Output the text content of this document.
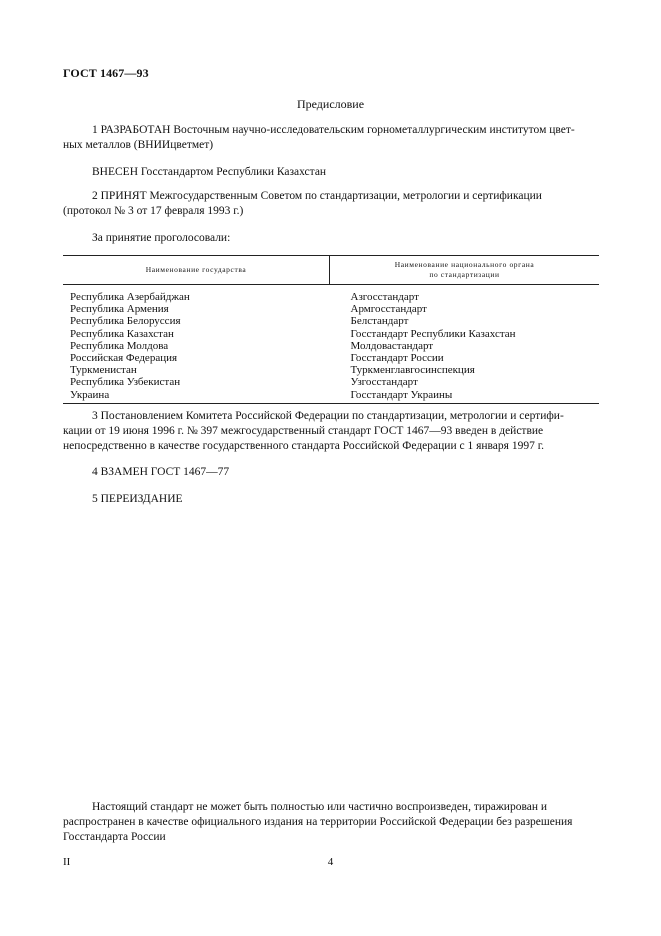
ГОСТ 1467—93
Предисловие
1 РАЗРАБОТАН Восточным научно-исследовательским горнометаллургическим институтом цвет-
ных металлов (ВНИИцветмет)
ВНЕСЕН Госстандартом Республики Казахстан
2 ПРИНЯТ Межгосударственным Советом по стандартизации, метрологии и сертификации
(протокол № 3 от 17 февраля 1993 г.)
За принятие проголосовали:
Наименование государства	Наименование национального органа
по стандартизации
Республика Азербайджан	Азгосстандарт
Республика Армения	Армгосстандарт
Республика Белоруссия	Белстандарт
Республика Казахстан	Госстандарт Республики Казахстан
Республика Молдова	Молдовастандарт
Российская Федерация	Госстандарт России
Туркменистан	Туркменглавгосинспекция
Республика Узбекистан	Узгосстандарт
Украина	Госстандарт Украины
3 Постановлением Комитета Российской Федерации по стандартизации, метрологии и сертифи-
кации от 19 июня 1996 г. № 397 межгосударственный стандарт ГОСТ 1467—93 введен в действие
непосредственно в качестве государственного стандарта Российской Федерации с 1 января 1997 г.
4 ВЗАМЕН ГОСТ 1467—77
5 ПЕРЕИЗДАНИЕ
Настоящий стандарт не может быть полностью или частично воспроизведен, тиражирован и
распространен в качестве официального издания на территории Российской Федерации без разрешения
Госстандарта России
II	4
